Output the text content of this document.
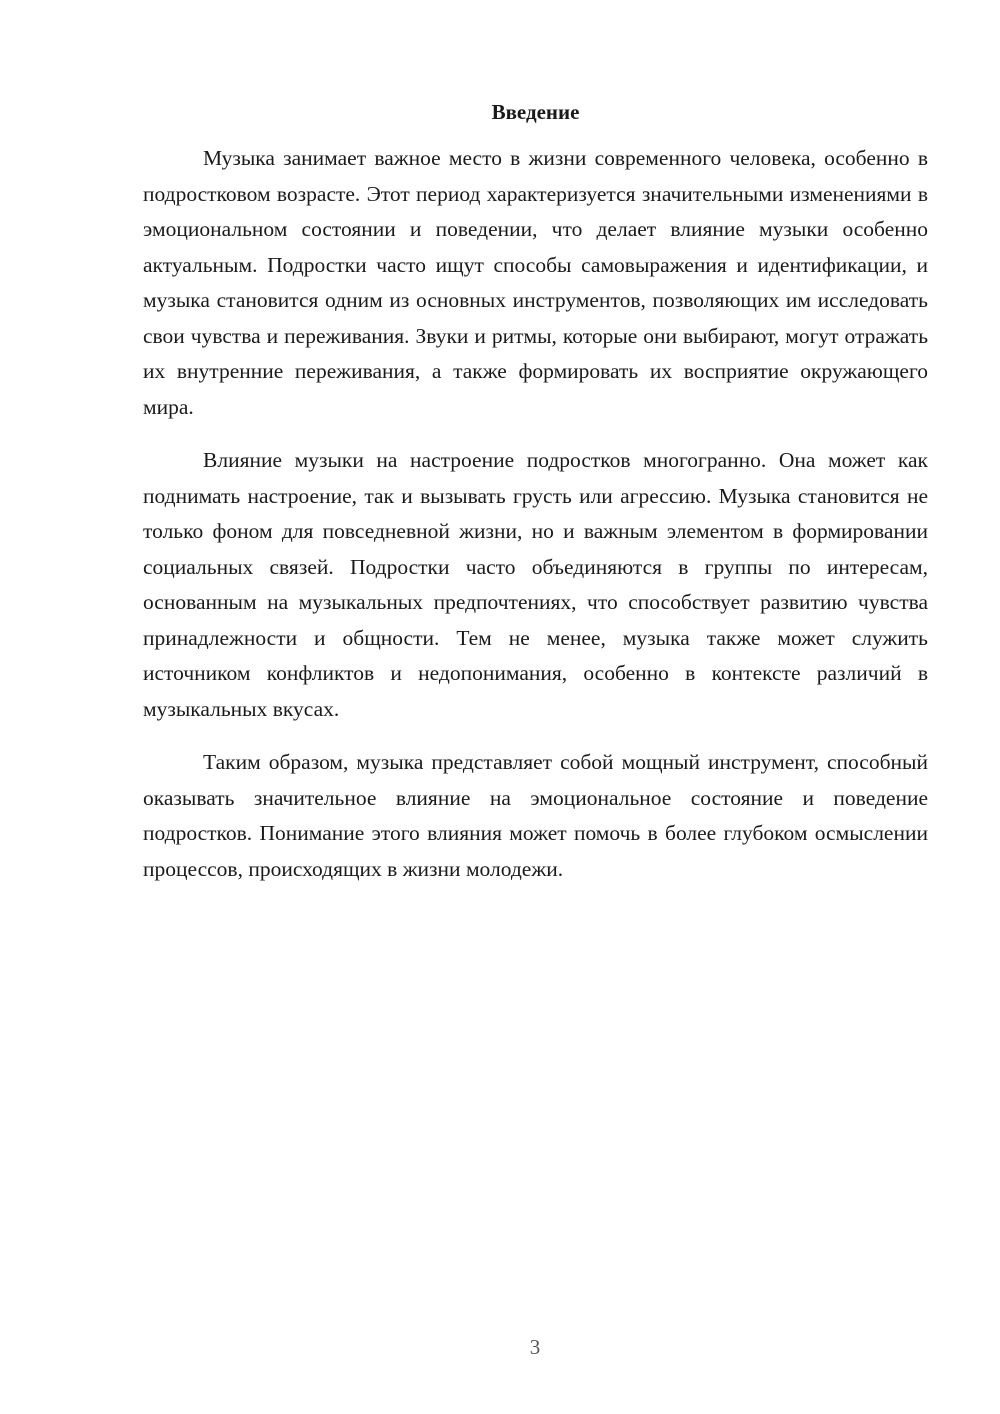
Введение

Музыка занимает важное место в жизни современного человека, особенно в подростковом возрасте. Этот период характеризуется значительными изменениями в эмоциональном состоянии и поведении, что делает влияние музыки особенно актуальным. Подростки часто ищут способы самовыражения и идентификации, и музыка становится одним из основных инструментов, позволяющих им исследовать свои чувства и переживания. Звуки и ритмы, которые они выбирают, могут отражать их внутренние переживания, а также формировать их восприятие окружающего мира.

Влияние музыки на настроение подростков многогранно. Она может как поднимать настроение, так и вызывать грусть или агрессию. Музыка становится не только фоном для повседневной жизни, но и важным элементом в формировании социальных связей. Подростки часто объединяются в группы по интересам, основанным на музыкальных предпочтениях, что способствует развитию чувства принадлежности и общности. Тем не менее, музыка также может служить источником конфликтов и недопонимания, особенно в контексте различий в музыкальных вкусах.

Таким образом, музыка представляет собой мощный инструмент, способный оказывать значительное влияние на эмоциональное состояние и поведение подростков. Понимание этого влияния может помочь в более глубоком осмыслении процессов, происходящих в жизни молодежи.

3
